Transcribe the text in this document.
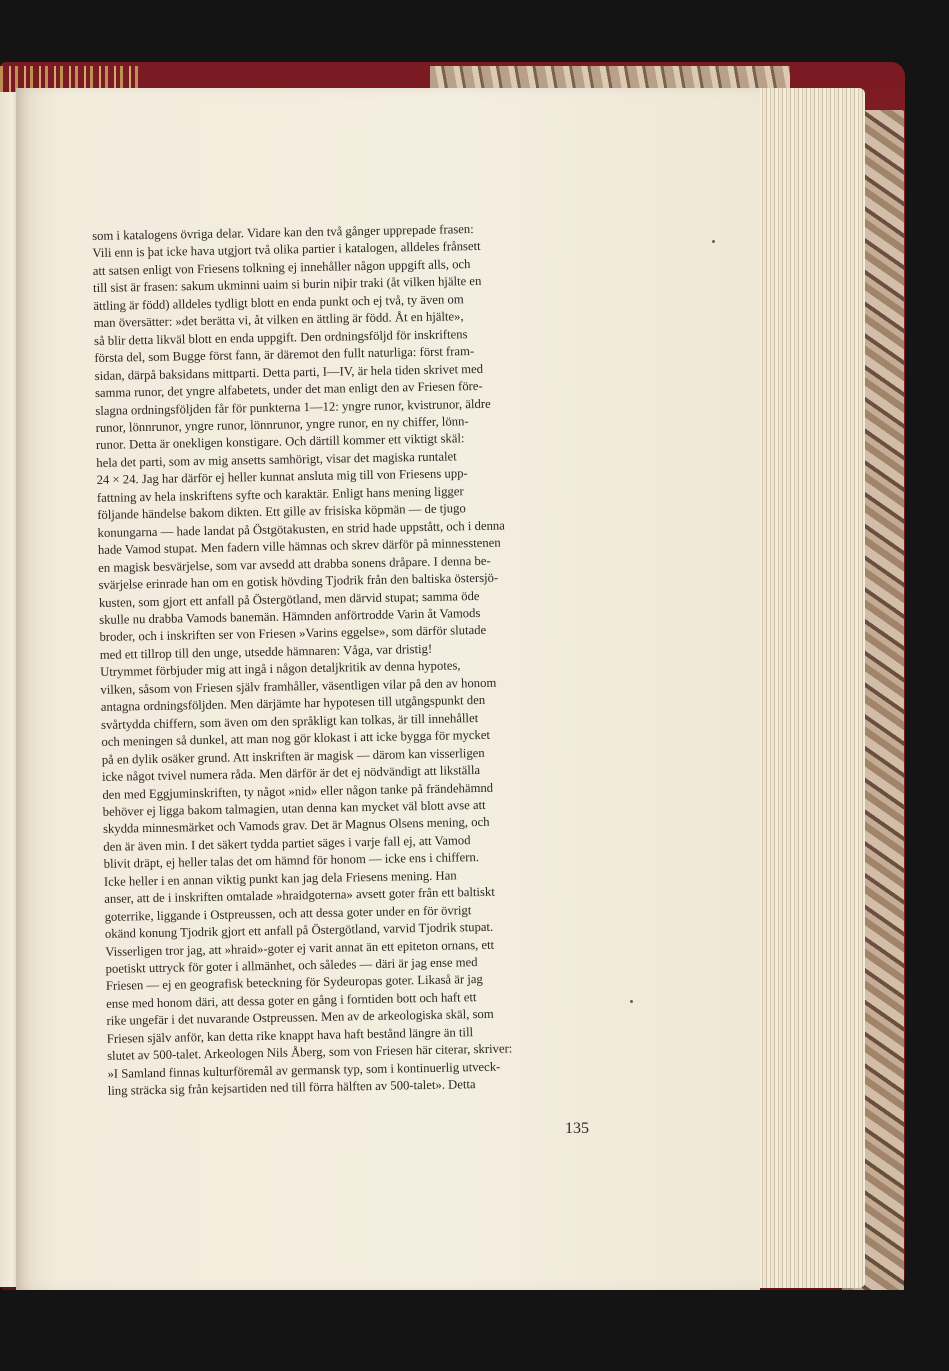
som i katalogens övriga delar. Vidare kan den två gånger upprepade frasen:

Vili enn is þat icke hava utgjort två olika partier i katalogen, alldeles frånsett

att satsen enligt von Friesens tolkning ej innehåller någon uppgift alls, och

till sist är frasen: sakum ukminni uaim si burin niþir traki (åt vilken hjälte en

ättling är född) alldeles tydligt blott en enda punkt och ej två, ty även om

man översätter: »det berätta vi, åt vilken en ättling är född. Åt en hjälte»,

så blir detta likväl blott en enda uppgift. Den ordningsföljd för inskriftens

första del, som Bugge först fann, är däremot den fullt naturliga: först fram-

sidan, därpå baksidans mittparti. Detta parti, I—IV, är hela tiden skrivet med

samma runor, det yngre alfabetets, under det man enligt den av Friesen före-

slagna ordningsföljden får för punkterna 1—12: yngre runor, kvistrunor, äldre

runor, lönnrunor, yngre runor, lönnrunor, yngre runor, en ny chiffer, lönn-

runor. Detta är onekligen konstigare. Och därtill kommer ett viktigt skäl:

hela det parti, som av mig ansetts samhörigt, visar det magiska runtalet

24 × 24. Jag har därför ej heller kunnat ansluta mig till von Friesens upp-

fattning av hela inskriftens syfte och karaktär. Enligt hans mening ligger

följande händelse bakom dikten. Ett gille av frisiska köpmän — de tjugo

konungarna — hade landat på Östgötakusten, en strid hade uppstått, och i denna

hade Vamod stupat. Men fadern ville hämnas och skrev därför på minnesstenen

en magisk besvärjelse, som var avsedd att drabba sonens dråpare. I denna be-

svärjelse erinrade han om en gotisk hövding Tjodrik från den baltiska östersjö-

kusten, som gjort ett anfall på Östergötland, men därvid stupat; samma öde

skulle nu drabba Vamods banemän. Hämnden anförtrodde Varin åt Vamods

broder, och i inskriften ser von Friesen »Varins eggelse», som därför slutade

med ett tillrop till den unge, utsedde hämnaren: Våga, var dristig!

Utrymmet förbjuder mig att ingå i någon detaljkritik av denna hypotes,

vilken, såsom von Friesen själv framhåller, väsentligen vilar på den av honom

antagna ordningsföljden. Men därjämte har hypotesen till utgångspunkt den

svårtydda chiffern, som även om den språkligt kan tolkas, är till innehållet

och meningen så dunkel, att man nog gör klokast i att icke bygga för mycket

på en dylik osäker grund. Att inskriften är magisk — därom kan visserligen

icke något tvivel numera råda. Men därför är det ej nödvändigt att likställa

den med Eggjuminskriften, ty något »nid» eller någon tanke på frändehämnd

behöver ej ligga bakom talmagien, utan denna kan mycket väl blott avse att

skydda minnesmärket och Vamods grav. Det är Magnus Olsens mening, och

den är även min. I det säkert tydda partiet säges i varje fall ej, att Vamod

blivit dräpt, ej heller talas det om hämnd för honom — icke ens i chiffern.

Icke heller i en annan viktig punkt kan jag dela Friesens mening. Han

anser, att de i inskriften omtalade »hraidgoterna» avsett goter från ett baltiskt

goterrike, liggande i Ostpreussen, och att dessa goter under en för övrigt

okänd konung Tjodrik gjort ett anfall på Östergötland, varvid Tjodrik stupat.

Visserligen tror jag, att »hraid»-goter ej varit annat än ett epiteton ornans, ett

poetiskt uttryck för goter i allmänhet, och således — däri är jag ense med

Friesen — ej en geografisk beteckning för Sydeuropas goter. Likaså är jag

ense med honom däri, att dessa goter en gång i forntiden bott och haft ett

rike ungefär i det nuvarande Ostpreussen. Men av de arkeologiska skäl, som

Friesen själv anför, kan detta rike knappt hava haft bestånd längre än till

slutet av 500-talet. Arkeologen Nils Åberg, som von Friesen här citerar, skriver:

»I Samland finnas kulturföremål av germansk typ, som i kontinuerlig utveck-

ling sträcka sig från kejsartiden ned till förra hälften av 500-talet». Detta

135
